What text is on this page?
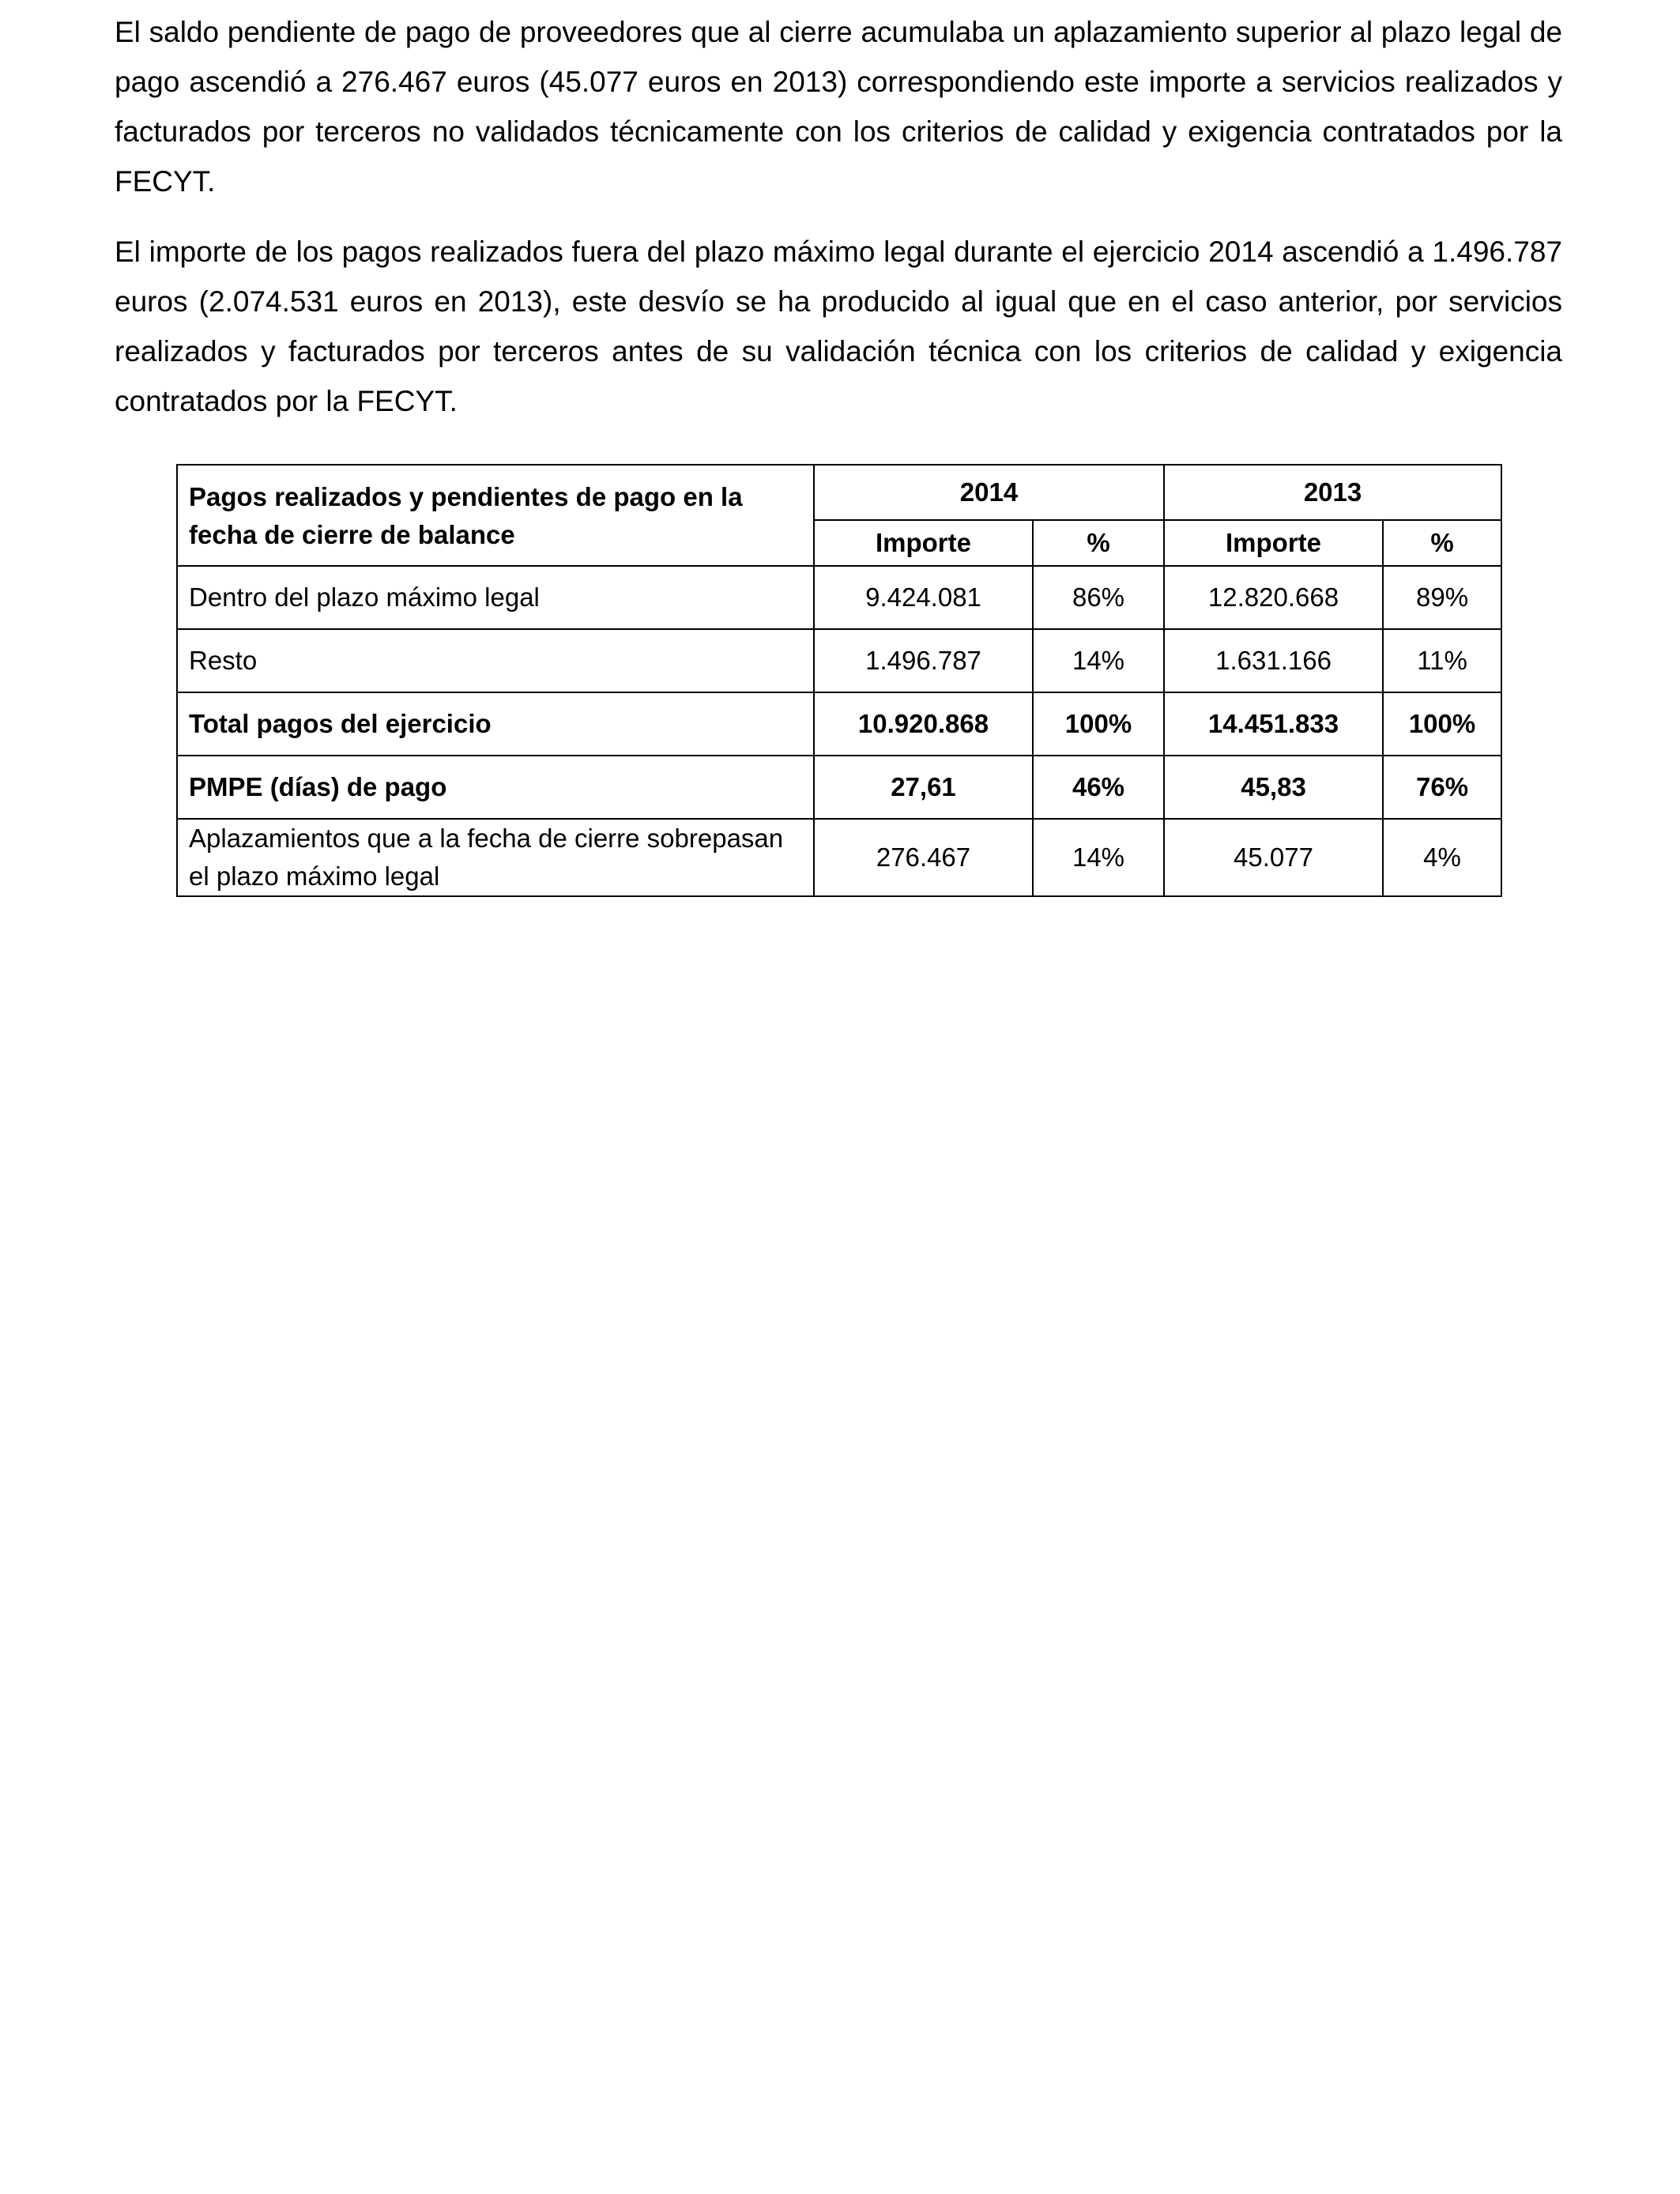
El saldo pendiente de pago de proveedores que al cierre acumulaba un aplazamiento superior al plazo legal de pago ascendió a 276.467 euros (45.077 euros en 2013) correspondiendo este importe a servicios realizados y facturados por terceros no validados técnicamente con los criterios de calidad y exigencia contratados por la FECYT.

El importe de los pagos realizados fuera del plazo máximo legal durante el ejercicio 2014 ascendió a 1.496.787 euros (2.074.531 euros en 2013), este desvío se ha producido al igual que en el caso anterior, por servicios realizados y facturados por terceros antes de su validación técnica con los criterios de calidad y exigencia contratados por la FECYT.

Pagos realizados y pendientes de pago en la fecha de cierre de balance	2014		2013	
	Importe	%	Importe	%
Dentro del plazo máximo legal	9.424.081	86%	12.820.668	89%
Resto	1.496.787	14%	1.631.166	11%
Total pagos del ejercicio	10.920.868	100%	14.451.833	100%
PMPE (días) de pago	27,61	46%	45,83	76%
Aplazamientos que a la fecha de cierre sobrepasan el plazo máximo legal	276.467	14%	45.077	4%
